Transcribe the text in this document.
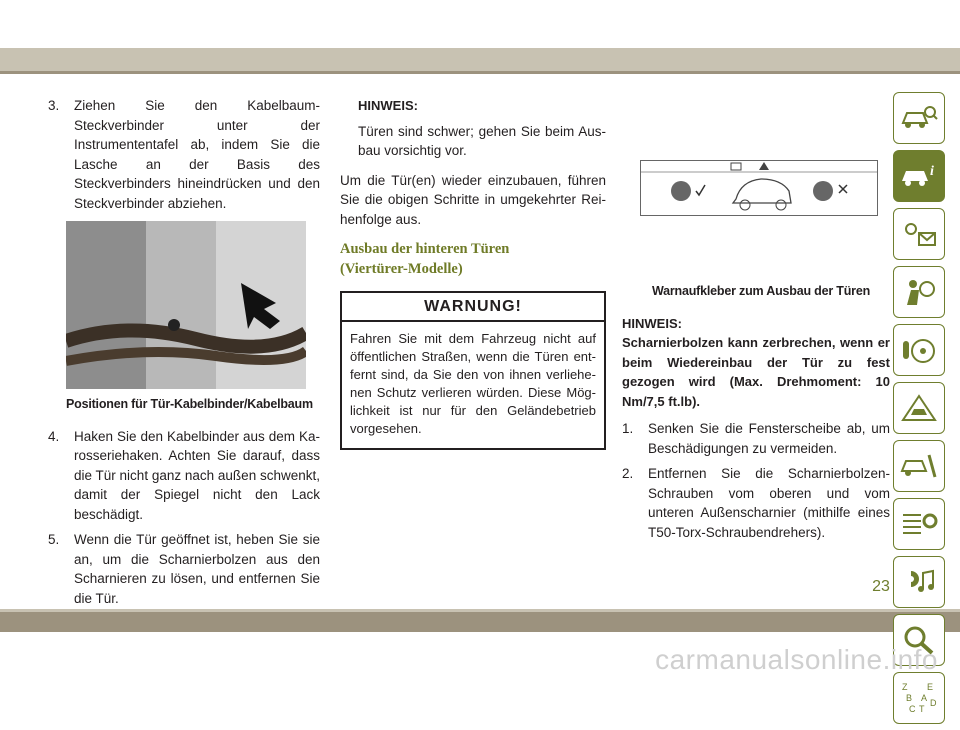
3. Ziehen Sie den Kabelbaum-Steckverbinder unter der Instrumententafel ab, indem Sie die Lasche an der Basis des Steckverbinders hineindrücken und den Steckverbinder abziehen.
Positionen für Tür-Kabelbinder/Kabelbaum
4. Haken Sie den Kabelbinder aus dem Karosseriehaken. Achten Sie darauf, dass die Tür nicht ganz nach außen schwenkt, damit der Spiegel nicht den Lack beschädigt.
5. Wenn die Tür geöffnet ist, heben Sie sie an, um die Scharnierbolzen aus den Scharnieren zu lösen, und entfernen Sie die Tür.
HINWEIS:

Türen sind schwer; gehen Sie beim Ausbau vorsichtig vor.

Um die Tür(en) wieder einzubauen, führen Sie die obigen Schritte in umgekehrter Reihenfolge aus.

Ausbau der hinteren Türen
(Viertürer-Modelle)
WARNUNG!
Fahren Sie mit dem Fahrzeug nicht auf öffentlichen Straßen, wenn die Türen entfernt sind, da Sie den von ihnen verliehenen Schutz verlieren würden. Diese Möglichkeit ist nur für den Geländebetrieb vorgesehen.
Warnaufkleber zum Ausbau der Türen
HINWEIS:

Scharnierbolzen kann zerbrechen, wenn er beim Wiedereinbau der Tür zu fest gezogen wird (Max. Drehmoment: 10 Nm/7,5 ft.lb).

1. Senken Sie die Fensterscheibe ab, um Beschädigungen zu vermeiden.
2. Entfernen Sie die Scharnierbolzen-Schrauben vom oberen und vom unteren Außenscharnier (mithilfe eines T50-Torx-Schraubendrehers).
i
Z E
B A
C T
D
23
carmanualsonline.info
